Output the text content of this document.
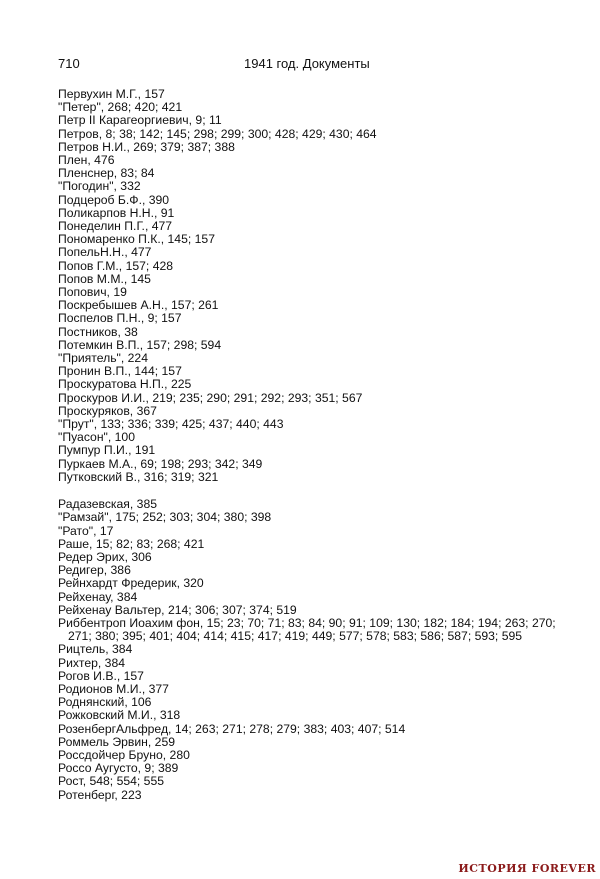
710	1941 год. Документы
Первухин М.Г., 157
"Петер", 268; 420; 421
Петр II Карагеоргиевич, 9; 11
Петров, 8; 38; 142; 145; 298; 299; 300; 428; 429; 430; 464
Петров Н.И., 269; 379; 387; 388
Плен, 476
Пленснер, 83; 84
"Погодин", 332
Подцероб Б.Ф., 390
Поликарпов Н.Н., 91
Понеделин П.Г., 477
Пономаренко П.К., 145; 157
ПопельН.Н., 477
Попов Г.М., 157; 428
Попов М.М., 145
Попович, 19
Поскребышев А.Н., 157; 261
Поспелов П.Н., 9; 157
Постников, 38
Потемкин В.П., 157; 298; 594
"Приятель", 224
Пронин В.П., 144; 157
Проскуратова Н.П., 225
Проскуров И.И., 219; 235; 290; 291; 292; 293; 351; 567
Проскуряков, 367
"Прут", 133; 336; 339; 425; 437; 440; 443
"Пуасон", 100
Пумпур П.И., 191
Пуркаев М.А., 69; 198; 293; 342; 349
Путковский В., 316; 319; 321
Радазевская, 385
"Рамзай", 175; 252; 303; 304; 380; 398
"Рато", 17
Раше, 15; 82; 83; 268; 421
Редер Эрих, 306
Редигер, 386
Рейнхардт Фредерик, 320
Рейхенау, 384
Рейхенау Вальтер, 214; 306; 307; 374; 519
Риббентроп Иоахим фон, 15; 23; 70; 71; 83; 84; 90; 91; 109; 130; 182; 184; 194; 263; 270; 271; 380; 395; 401; 404; 414; 415; 417; 419; 449; 577; 578; 583; 586; 587; 593; 595
Рицтель, 384
Рихтер, 384
Рогов И.В., 157
Родионов М.И., 377
Роднянский, 106
Рожковский М.И., 318
РозенбергАльфред, 14; 263; 271; 278; 279; 383; 403; 407; 514
Роммель Эрвин, 259
Россдойчер Бруно, 280
Россо Аугусто, 9; 389
Рост, 548; 554; 555
Ротенберг, 223
ИСТОРИЯ FOREVER
